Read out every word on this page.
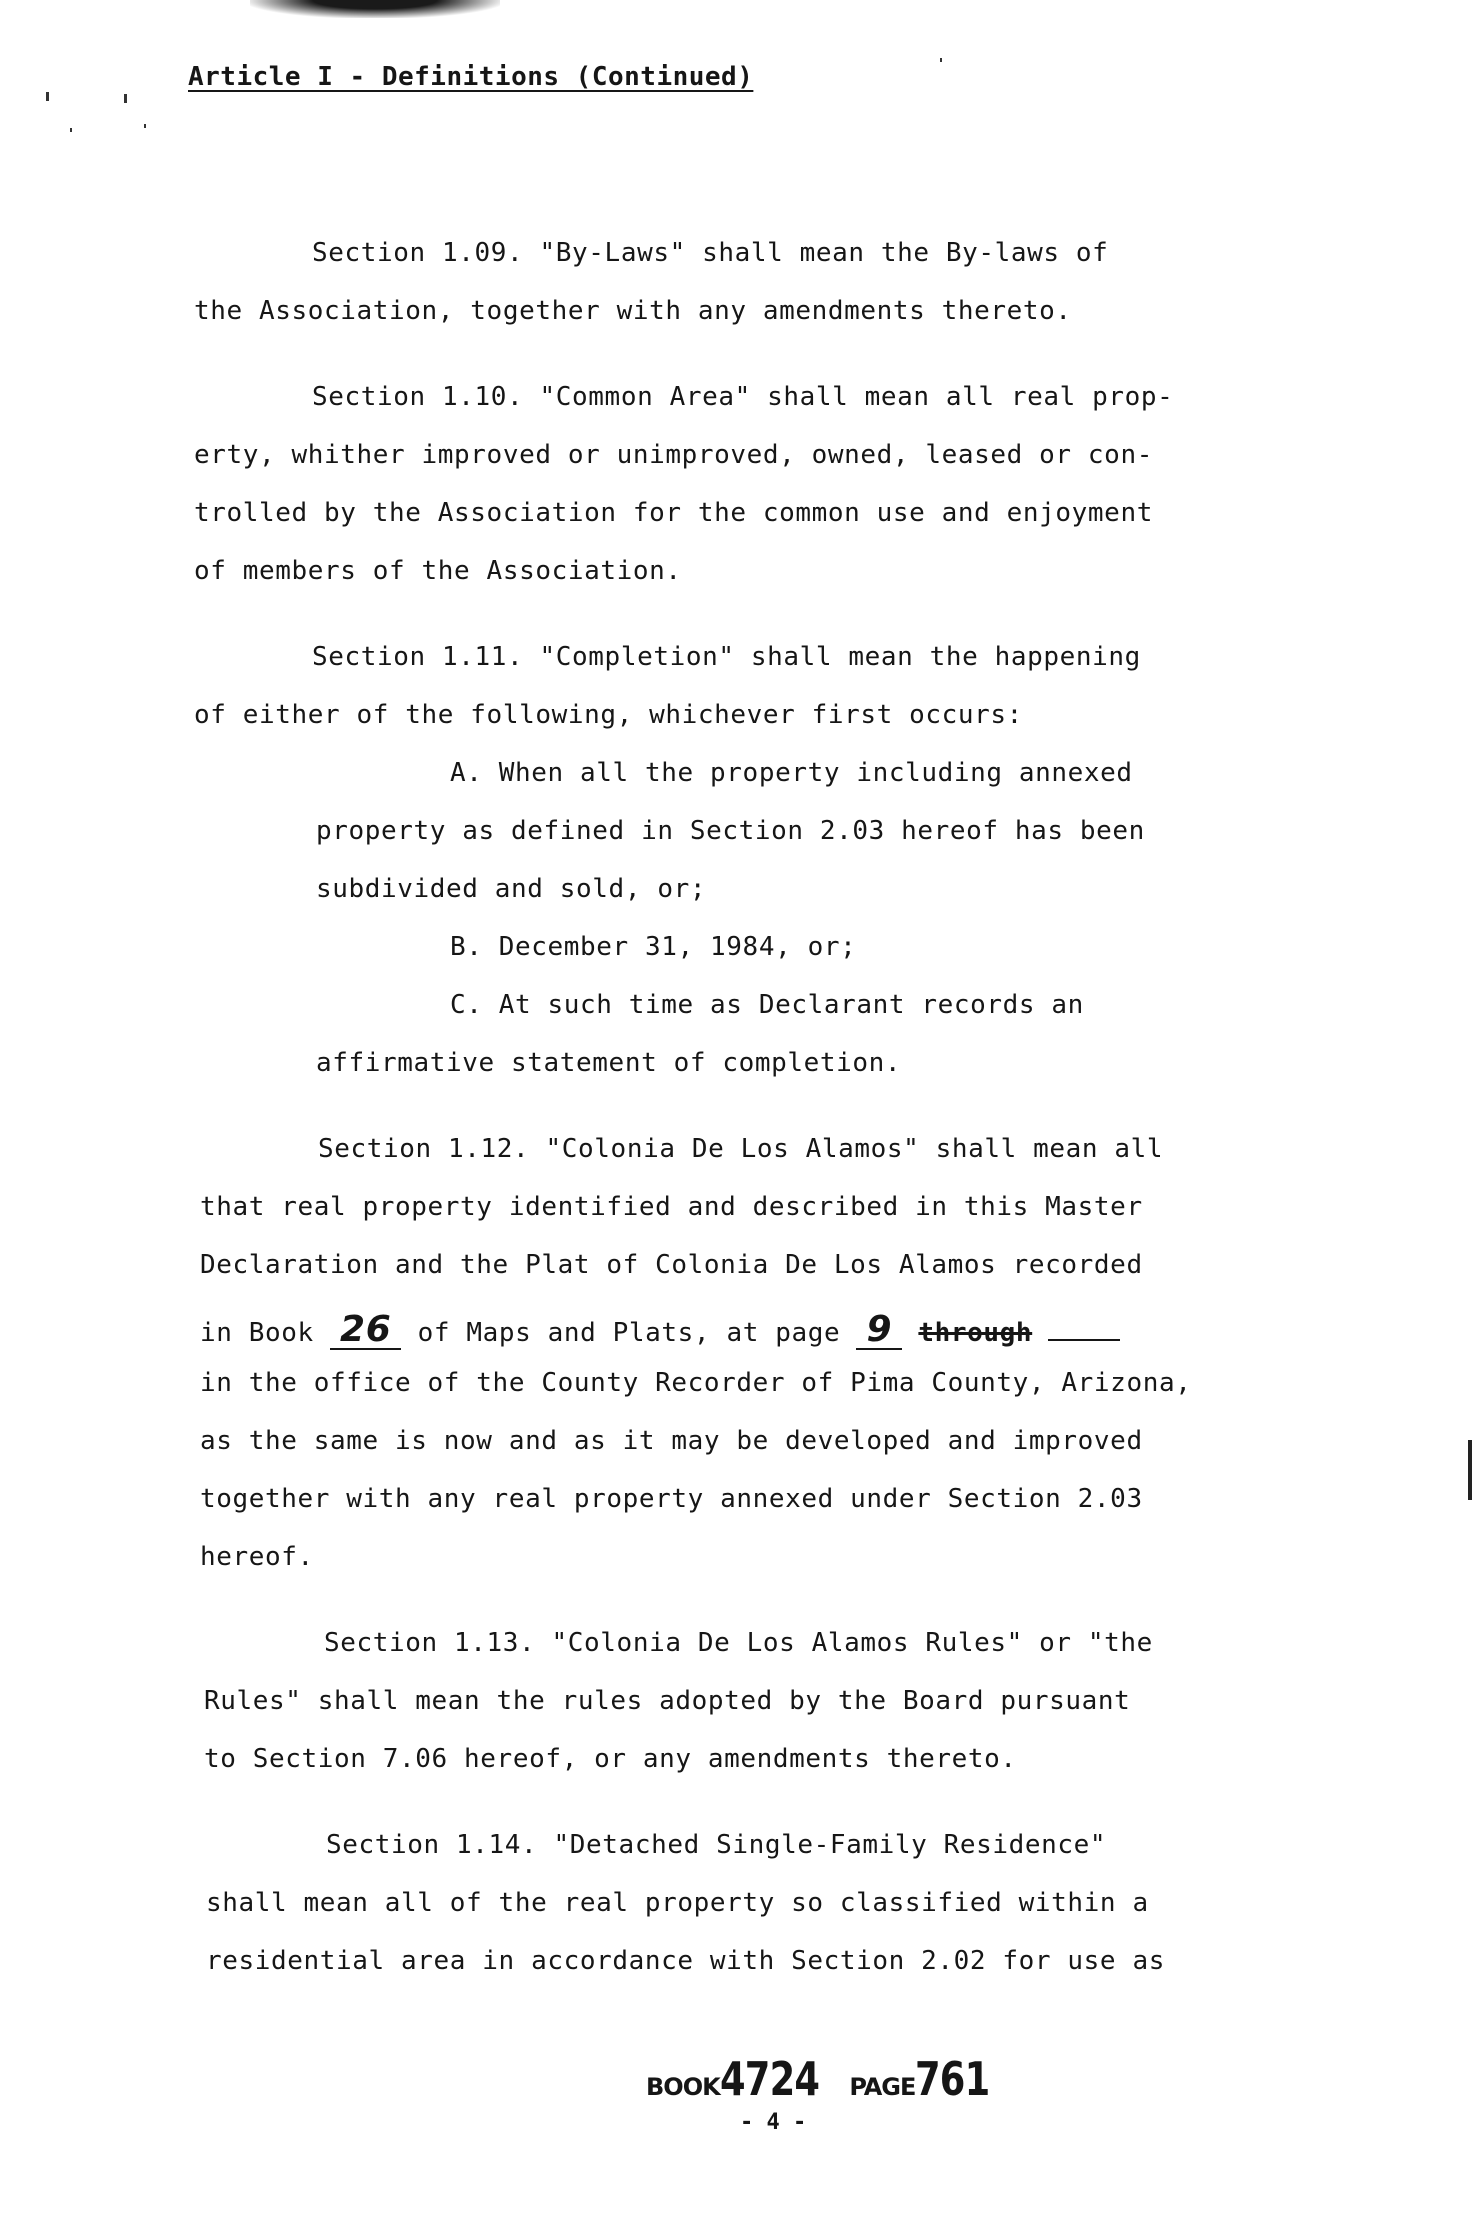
Article I - Definitions (Continued)
Section 1.09. "By-Laws" shall mean the By-laws of
the Association, together with any amendments thereto.
Section 1.10. "Common Area" shall mean all real prop-
erty, whither improved or unimproved, owned, leased or con-
trolled by the Association for the common use and enjoyment
of members of the Association.
Section 1.11. "Completion" shall mean the happening
of either of the following, whichever first occurs:
A. When all the property including annexed
property as defined in Section 2.03 hereof has been
subdivided and sold, or;
B. December 31, 1984, or;
C. At such time as Declarant records an
affirmative statement of completion.
Section 1.12. "Colonia De Los Alamos" shall mean all
that real property identified and described in this Master
Declaration and the Plat of Colonia De Los Alamos recorded
in the office of the County Recorder of Pima County, Arizona,
as the same is now and as it may be developed and improved
together with any real property annexed under Section 2.03
hereof.
Section 1.13. "Colonia De Los Alamos Rules" or "the
Rules" shall mean the rules adopted by the Board pursuant
to Section 7.06 hereof, or any amendments thereto.
Section 1.14. "Detached Single-Family Residence"
shall mean all of the real property so classified within a
residential area in accordance with Section 2.02 for use as
in Book 26 of Maps and Plats, at page 9 through
BOOK4724 PAGE761
- 4 -
